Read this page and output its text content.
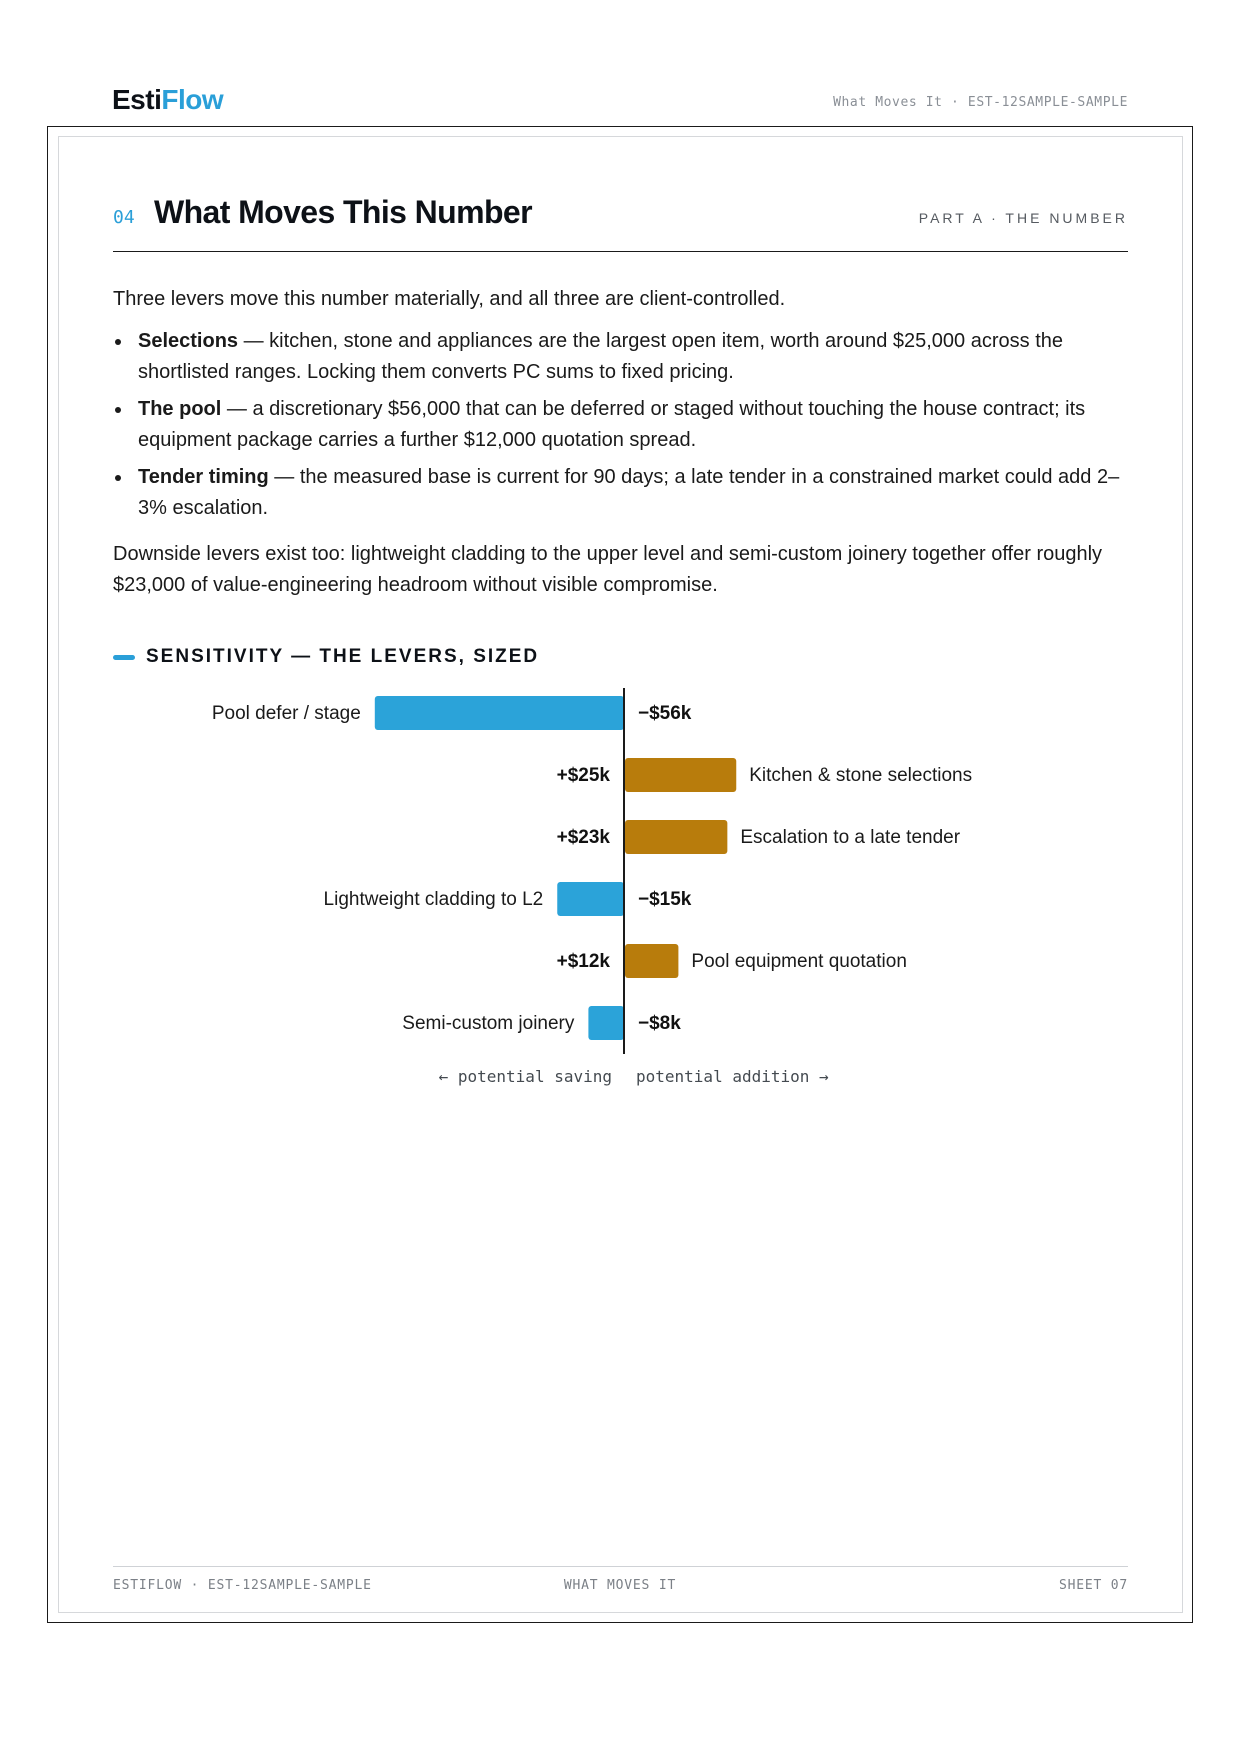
EstiFlow	What Moves It · EST-12SAMPLE-SAMPLE
04 What Moves This Number	PART A · THE NUMBER
Three levers move this number materially, and all three are client-controlled.
Selections — kitchen, stone and appliances are the largest open item, worth around $25,000 across the shortlisted ranges. Locking them converts PC sums to fixed pricing.
The pool — a discretionary $56,000 that can be deferred or staged without touching the house contract; its equipment package carries a further $12,000 quotation spread.
Tender timing — the measured base is current for 90 days; a late tender in a constrained market could add 2–3% escalation.
Downside levers exist too: lightweight cladding to the upper level and semi-custom joinery together offer roughly $23,000 of value-engineering headroom without visible compromise.
SENSITIVITY — THE LEVERS, SIZED
−$56k
Pool defer / stage
+$25k	Kitchen & stone selections
+$23k	Escalation to a late tender
−$15k
Lightweight cladding to L2
+$12k	Pool equipment quotation
−$8k
Semi-custom joinery
← potential saving potential addition →
ESTIFLOW · EST-12SAMPLE-SAMPLE	WHAT MOVES IT	SHEET 07
